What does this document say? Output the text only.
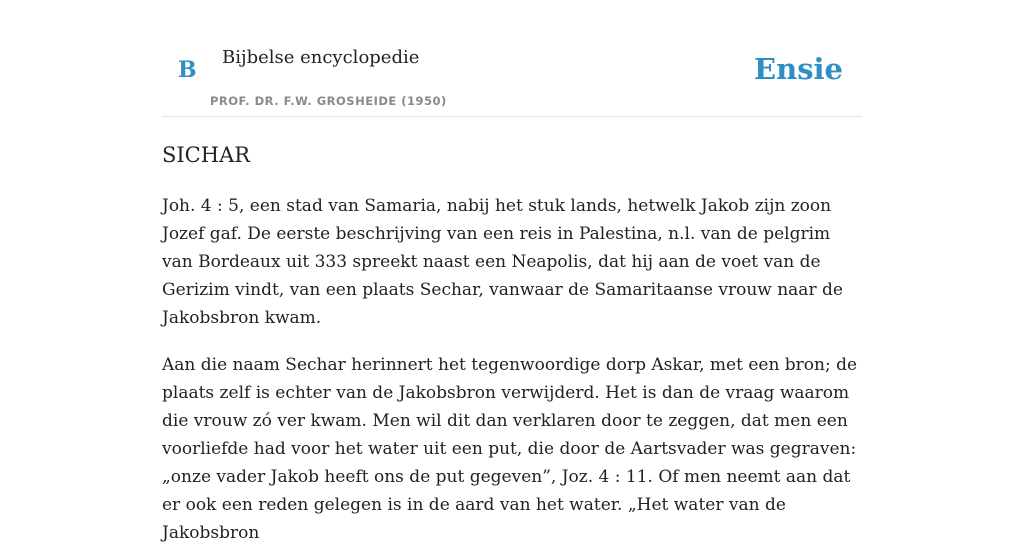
B Bijbelse encyclopedie
PROF. DR. F.W. GROSHEIDE (1950)
Ensie
SICHAR

Joh. 4 : 5, een stad van Samaria, nabij het stuk lands, hetwelk Jakob zijn zoon Jozef gaf. De eerste beschrijving van een reis in Palestina, n.l. van de pelgrim van Bordeaux uit 333 spreekt naast een Neapolis, dat hij aan de voet van de Gerizim vindt, van een plaats Sechar, vanwaar de Samaritaanse vrouw naar de Jakobsbron kwam.

Aan die naam Sechar herinnert het tegenwoordige dorp Askar, met een bron; de plaats zelf is echter van de Jakobsbron verwijderd. Het is dan de vraag waarom die vrouw zó ver kwam. Men wil dit dan verklaren door te zeggen, dat men een voorliefde had voor het water uit een put, die door de Aartsvader was gegraven: „onze vader Jakob heeft ons de put gegeven”, Joz. 4 : 11. Of men neemt aan dat er ook een reden gelegen is in de aard van het water. „Het water van de Jakobsbron
